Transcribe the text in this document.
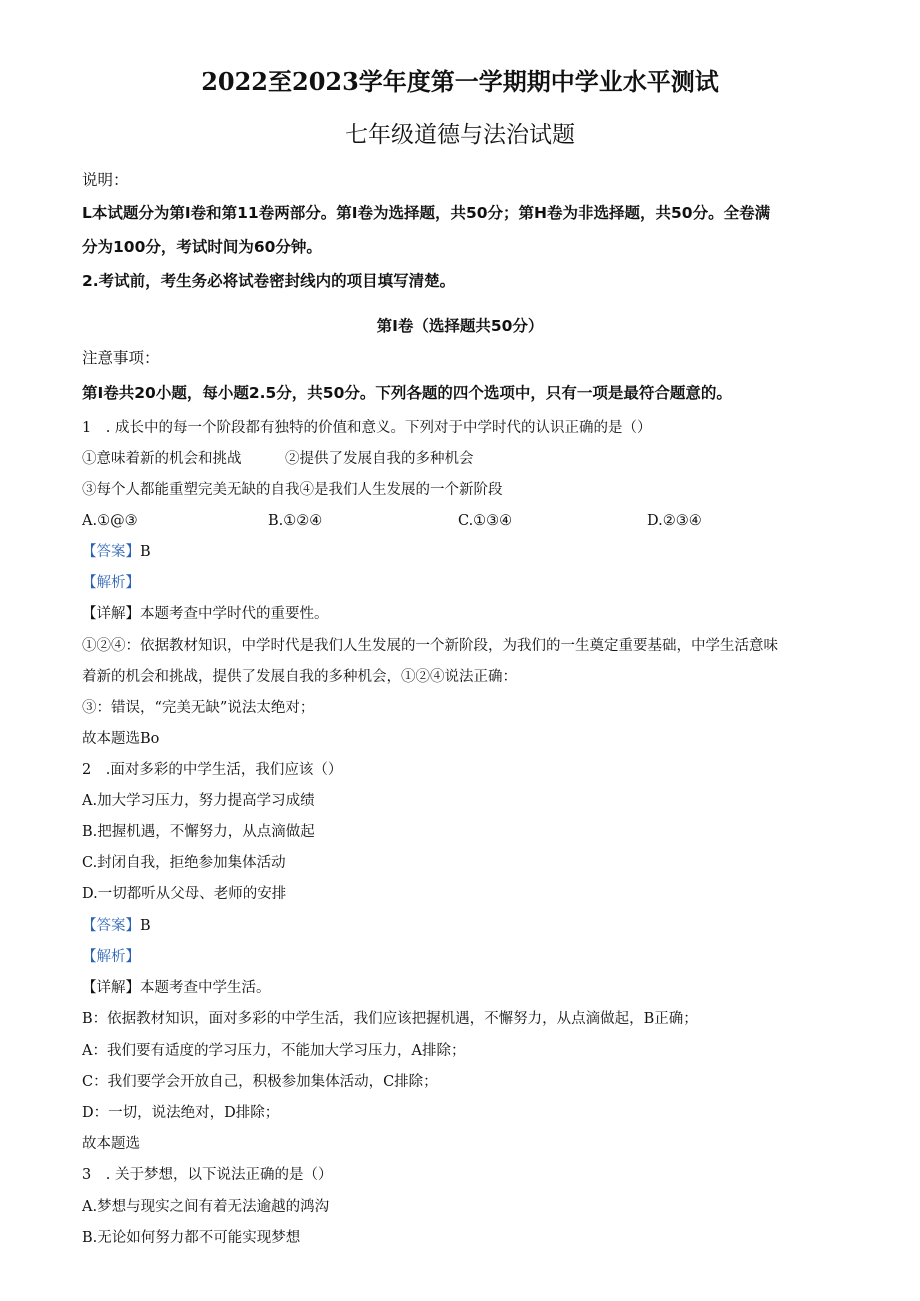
2022至2023学年度第一学期期中学业水平测试
七年级道德与法治试题
说明：
L本试题分为第Ⅰ卷和第11卷两部分。第Ⅰ卷为选择题，共50分；第H卷为非选择题，共50分。全卷满
分为100分，考试时间为60分钟。
2.考试前，考生务必将试卷密封线内的项目填写清楚。
第Ⅰ卷（选择题共50分）
注意事项：
第Ⅰ卷共20小题，每小题2.5分，共50分。下列各题的四个选项中，只有一项是最符合题意的。
1　. 成长中的每一个阶段都有独特的价值和意义。下列对于中学时代的认识正确的是（）
①意味着新的机会和挑战　　　②提供了发展自我的多种机会
③每个人都能重塑完美无缺的自我④是我们人生发展的一个新阶段
A.①@③	B.①②④	C.①③④	D.②③④
【答案】B
【解析】
【详解】本题考查中学时代的重要性。
①②④：依据教材知识，中学时代是我们人生发展的一个新阶段，为我们的一生奠定重要基础，中学生活意味
着新的机会和挑战，提供了发展自我的多种机会，①②④说法正确：
③：错误，“完美无缺”说法太绝对；
故本题选Bo
2　.面对多彩的中学生活，我们应该（）
A.加大学习压力，努力提高学习成绩
B.把握机遇，不懈努力，从点滴做起
C.封闭自我，拒绝参加集体活动
D.一切都听从父母、老师的安排
【答案】B
【解析】
【详解】本题考查中学生活。
B：依据教材知识，面对多彩的中学生活，我们应该把握机遇，不懈努力，从点滴做起，B正确；
A：我们要有适度的学习压力，不能加大学习压力，A排除；
C：我们要学会开放自己，积极参加集体活动，C排除；
D：一切，说法绝对，D排除；
故本题选
3　. 关于梦想，以下说法正确的是（）
A.梦想与现实之间有着无法逾越的鸿沟
B.无论如何努力都不可能实现梦想
